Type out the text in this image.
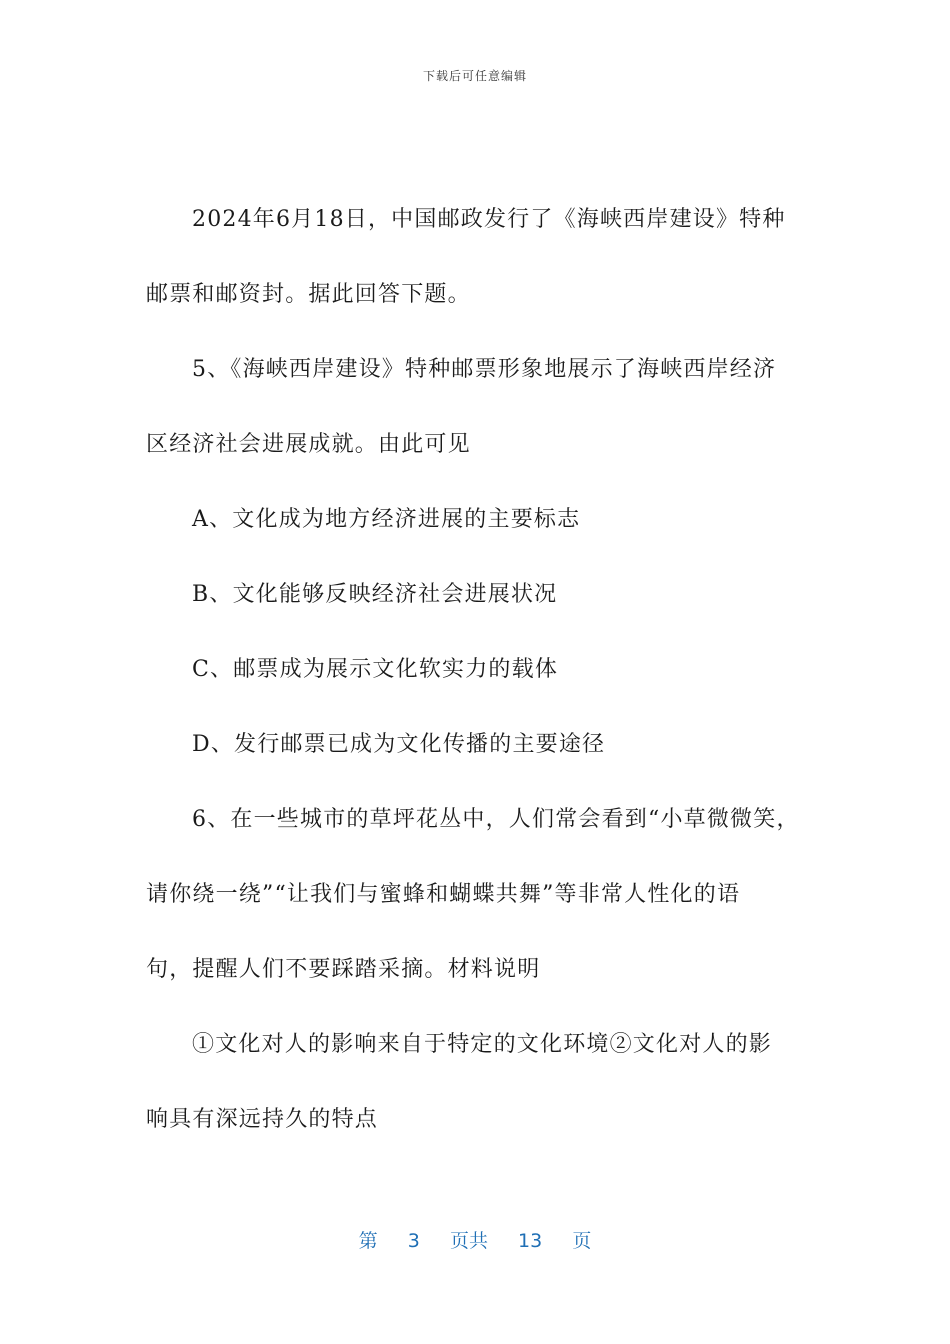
下载后可任意编辑
2024年6月18日，中国邮政发行了《海峡西岸建设》特种
邮票和邮资封。据此回答下题。
5、《海峡西岸建设》特种邮票形象地展示了海峡西岸经济
区经济社会进展成就。由此可见
A、文化成为地方经济进展的主要标志
B、文化能够反映经济社会进展状况
C、邮票成为展示文化软实力的载体
D、发行邮票已成为文化传播的主要途径
6、在一些城市的草坪花丛中，人们常会看到“小草微微笑，
请你绕一绕”“让我们与蜜蜂和蝴蝶共舞”等非常人性化的语
句，提醒人们不要踩踏采摘。材料说明
①文化对人的影响来自于特定的文化环境②文化对人的影
响具有深远持久的特点
第 3 页共 13 页
